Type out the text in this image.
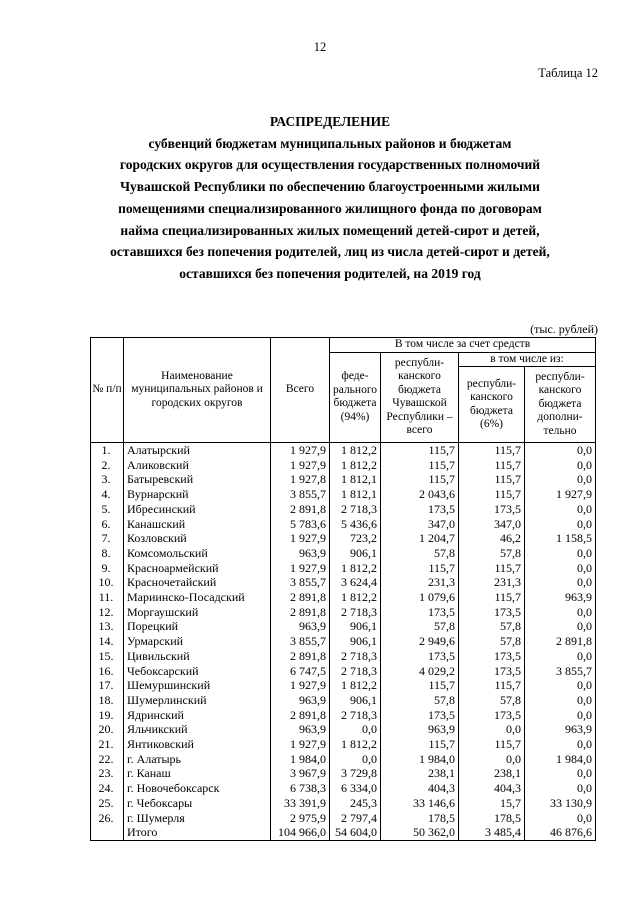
12
Таблица 12
РАСПРЕДЕЛЕНИЕ
субвенций бюджетам муниципальных районов и бюджетам
городских округов для осуществления государственных полномочий
Чувашской Республики по обеспечению благоустроенными жилыми
помещениями специализированного жилищного фонда по договорам
найма специализированных жилых помещений детей-сирот и детей,
оставшихся без попечения родителей, лиц из числа детей-сирот и детей,
оставшихся без попечения родителей, на 2019 год
(тыс. рублей)
№ п/п	Наименование муниципальных районов и городских округов	Всего	В том числе за счет средств			
			феде-ральнoго бюджета (94%)	республи-канского бюджета Чувашской Республики – всего	в том числе из:	
					республи-канского бюджета (6%)	республи-канского бюджета дополни-тельно
1.	Алатырский	1 927,9	1 812,2	115,7	115,7	0,0
2.	Аликовский	1 927,9	1 812,2	115,7	115,7	0,0
3.	Батыревский	1 927,8	1 812,1	115,7	115,7	0,0
4.	Вурнарский	3 855,7	1 812,1	2 043,6	115,7	1 927,9
5.	Ибресинский	2 891,8	2 718,3	173,5	173,5	0,0
6.	Канашский	5 783,6	5 436,6	347,0	347,0	0,0
7.	Козловский	1 927,9	723,2	1 204,7	46,2	1 158,5
8.	Комсомольский	963,9	906,1	57,8	57,8	0,0
9.	Красноармейский	1 927,9	1 812,2	115,7	115,7	0,0
10.	Красночетайский	3 855,7	3 624,4	231,3	231,3	0,0
11.	Мариинско-Посадский	2 891,8	1 812,2	1 079,6	115,7	963,9
12.	Моргаушский	2 891,8	2 718,3	173,5	173,5	0,0
13.	Порецкий	963,9	906,1	57,8	57,8	0,0
14.	Урмарский	3 855,7	906,1	2 949,6	57,8	2 891,8
15.	Цивильский	2 891,8	2 718,3	173,5	173,5	0,0
16.	Чебоксарский	6 747,5	2 718,3	4 029,2	173,5	3 855,7
17.	Шемуршинский	1 927,9	1 812,2	115,7	115,7	0,0
18.	Шумерлинский	963,9	906,1	57,8	57,8	0,0
19.	Ядринский	2 891,8	2 718,3	173,5	173,5	0,0
20.	Яльчикский	963,9	0,0	963,9	0,0	963,9
21.	Янтиковский	1 927,9	1 812,2	115,7	115,7	0,0
22.	г. Алатырь	1 984,0	0,0	1 984,0	0,0	1 984,0
23.	г. Канаш	3 967,9	3 729,8	238,1	238,1	0,0
24.	г. Новочебоксарск	6 738,3	6 334,0	404,3	404,3	0,0
25.	г. Чебоксары	33 391,9	245,3	33 146,6	15,7	33 130,9
26.	г. Шумерля	2 975,9	2 797,4	178,5	178,5	0,0
	Итого	104 966,0	54 604,0	50 362,0	3 485,4	46 876,6
